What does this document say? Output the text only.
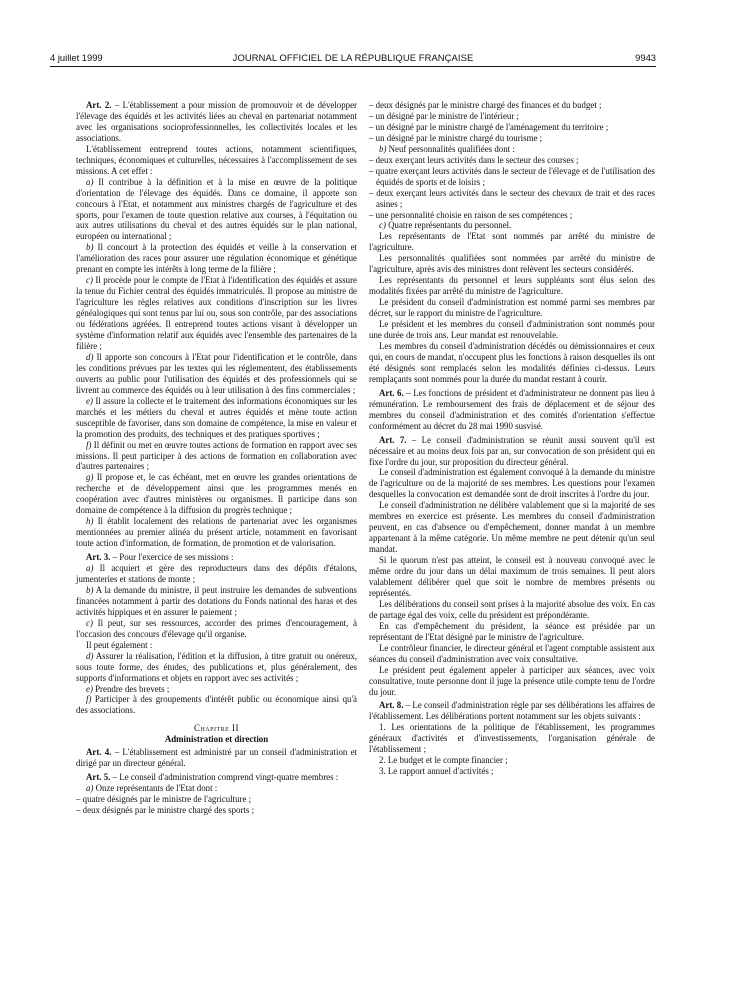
4 juillet 1999	JOURNAL OFFICIEL DE LA RÉPUBLIQUE FRANÇAISE	9943

Art. 2. – L'établissement a pour mission de promouvoir et de développer l'élevage des équidés et les activités liées au cheval en partenariat notamment avec les organisations socioprofessionnelles, les collectivités locales et les associations.

L'établissement entreprend toutes actions, notamment scientifiques, techniques, économiques et culturelles, nécessaires à l'accomplissement de ses missions. A cet effet :

a) Il contribue à la définition et à la mise en œuvre de la politique d'orientation de l'élevage des équidés. Dans ce domaine, il apporte son concours à l'Etat, et notamment aux ministres chargés de l'agriculture et des sports, pour l'examen de toute question relative aux courses, à l'équitation ou aux autres utilisations du cheval et des autres équidés sur le plan national, européen ou international ;

b) Il concourt à la protection des équidés et veille à la conservation et l'amélioration des races pour assurer une régulation économique et génétique prenant en compte les intérêts à long terme de la filière ;

c) Il procède pour le compte de l'Etat à l'identification des équidés et assure la tenue du Fichier central des équidés immatriculés. Il propose au ministre de l'agriculture les règles relatives aux conditions d'inscription sur les livres généalogiques qui sont tenus par lui ou, sous son contrôle, par des associations ou fédérations agréées. Il entreprend toutes actions visant à développer un système d'information relatif aux équidés avec l'ensemble des partenaires de la filière ;

d) Il apporte son concours à l'Etat pour l'identification et le contrôle, dans les conditions prévues par les textes qui les réglementent, des établissements ouverts au public pour l'utilisation des équidés et des professionnels qui se livrent au commerce des équidés ou à leur utilisation à des fins commerciales ;

e) Il assure la collecte et le traitement des informations économiques sur les marchés et les métiers du cheval et autres équidés et mène toute action susceptible de favoriser, dans son domaine de compétence, la mise en valeur et la promotion des produits, des techniques et des pratiques sportives ;

f) Il définit ou met en œuvre toutes actions de formation en rapport avec ses missions. Il peut participer à des actions de formation en collaboration avec d'autres partenaires ;

g) Il propose et, le cas échéant, met en œuvre les grandes orientations de recherche et de développement ainsi que les programmes menés en coopération avec d'autres ministères ou organismes. Il participe dans son domaine de compétence à la diffusion du progrès technique ;

h) Il établit localement des relations de partenariat avec les organismes mentionnées au premier alinéa du présent article, notamment en favorisant toute action d'information, de formation, de promotion et de valorisation.

Art. 3. – Pour l'exercice de ses missions :

a) Il acquiert et gère des reproducteurs dans des dépôts d'étalons, jumenteries et stations de monte ;

b) A la demande du ministre, il peut instruire les demandes de subventions financées notamment à partir des dotations du Fonds national des haras et des activités hippiques et en assurer le paiement ;

c) Il peut, sur ses ressources, accorder des primes d'encouragement, à l'occasion des concours d'élevage qu'il organise.

Il peut également :

d) Assurer la réalisation, l'édition et la diffusion, à titre gratuit ou onéreux, sous toute forme, des études, des publications et, plus généralement, des supports d'informations et objets en rapport avec ses activités ;

e) Prendre des brevets ;

f) Participer à des groupements d'intérêt public ou économique ainsi qu'à des associations.

Chapitre II

Administration et direction

Art. 4. – L'établissement est administré par un conseil d'administration et dirigé par un directeur général.

Art. 5. – Le conseil d'administration comprend vingt-quatre membres :

a) Onze représentants de l'Etat dont :

– quatre désignés par le ministre de l'agriculture ;

– deux désignés par le ministre chargé des sports ;

– deux désignés par le ministre chargé des finances et du budget ;

– un désigné par le ministre de l'intérieur ;

– un désigné par le ministre chargé de l'aménagement du territoire ;

– un désigné par le ministre chargé du tourisme ;

b) Neuf personnalités qualifiées dont :

– deux exerçant leurs activités dans le secteur des courses ;

– quatre exerçant leurs activités dans le secteur de l'élevage et de l'utilisation des équidés de sports et de loisirs ;

– deux exerçant leurs activités dans le secteur des chevaux de trait et des races asines ;

– une personnalité choisie en raison de ses compétences ;

c) Quatre représentants du personnel.

Les représentants de l'Etat sont nommés par arrêté du ministre de l'agriculture.

Les personnalités qualifiées sont nommées par arrêté du ministre de l'agriculture, après avis des ministres dont relèvent les secteurs considérés.

Les représentants du personnel et leurs suppléants sont élus selon des modalités fixées par arrêté du ministre de l'agriculture.

Le président du conseil d'administration est nommé parmi ses membres par décret, sur le rapport du ministre de l'agriculture.

Le président et les membres du conseil d'administration sont nommés pour une durée de trois ans. Leur mandat est renouvelable.

Les membres du conseil d'administration décédés ou démissionnaires et ceux qui, en cours de mandat, n'occupent plus les fonctions à raison desquelles ils ont été désignés sont remplacés selon les modalités définies ci-dessus. Leurs remplaçants sont nommés pour la durée du mandat restant à courir.

Art. 6. – Les fonctions de président et d'administrateur ne donnent pas lieu à rémunération. Le remboursement des frais de déplacement et de séjour des membres du conseil d'administration et des comités d'orientation s'effectue conformément au décret du 28 mai 1990 susvisé.

Art. 7. – Le conseil d'administration se réunit aussi souvent qu'il est nécessaire et au moins deux fois par an, sur convocation de son président qui en fixe l'ordre du jour, sur proposition du directeur général.

Le conseil d'administration est également convoqué à la demande du ministre de l'agriculture ou de la majorité de ses membres. Les questions pour l'examen desquelles la convocation est demandée sont de droit inscrites à l'ordre du jour.

Le conseil d'administration ne délibère valablement que si la majorité de ses membres en exercice est présente. Les membres du conseil d'administration peuvent, en cas d'absence ou d'empêchement, donner mandat à un membre appartenant à la même catégorie. Un même membre ne peut détenir qu'un seul mandat.

Si le quorum n'est pas atteint, le conseil est à nouveau convoqué avec le même ordre du jour dans un délai maximum de trois semaines. Il peut alors valablement délibérer quel que soit le nombre de membres présents ou représentés.

Les délibérations du conseil sont prises à la majorité absolue des voix. En cas de partage égal des voix, celle du président est prépondérante.

En cas d'empêchement du président, la séance est présidée par un représentant de l'Etat désigné par le ministre de l'agriculture.

Le contrôleur financier, le directeur général et l'agent comptable assistent aux séances du conseil d'administration avec voix consultative.

Le président peut également appeler à participer aux séances, avec voix consultative, toute personne dont il juge la présence utile compte tenu de l'ordre du jour.

Art. 8. – Le conseil d'administration règle par ses délibérations les affaires de l'établissement. Les délibérations portent notamment sur les objets suivants :

1. Les orientations de la politique de l'établissement, les programmes généraux d'activités et d'investissements, l'organisation générale de l'établissement ;

2. Le budget et le compte financier ;

3. Le rapport annuel d'activités ;
